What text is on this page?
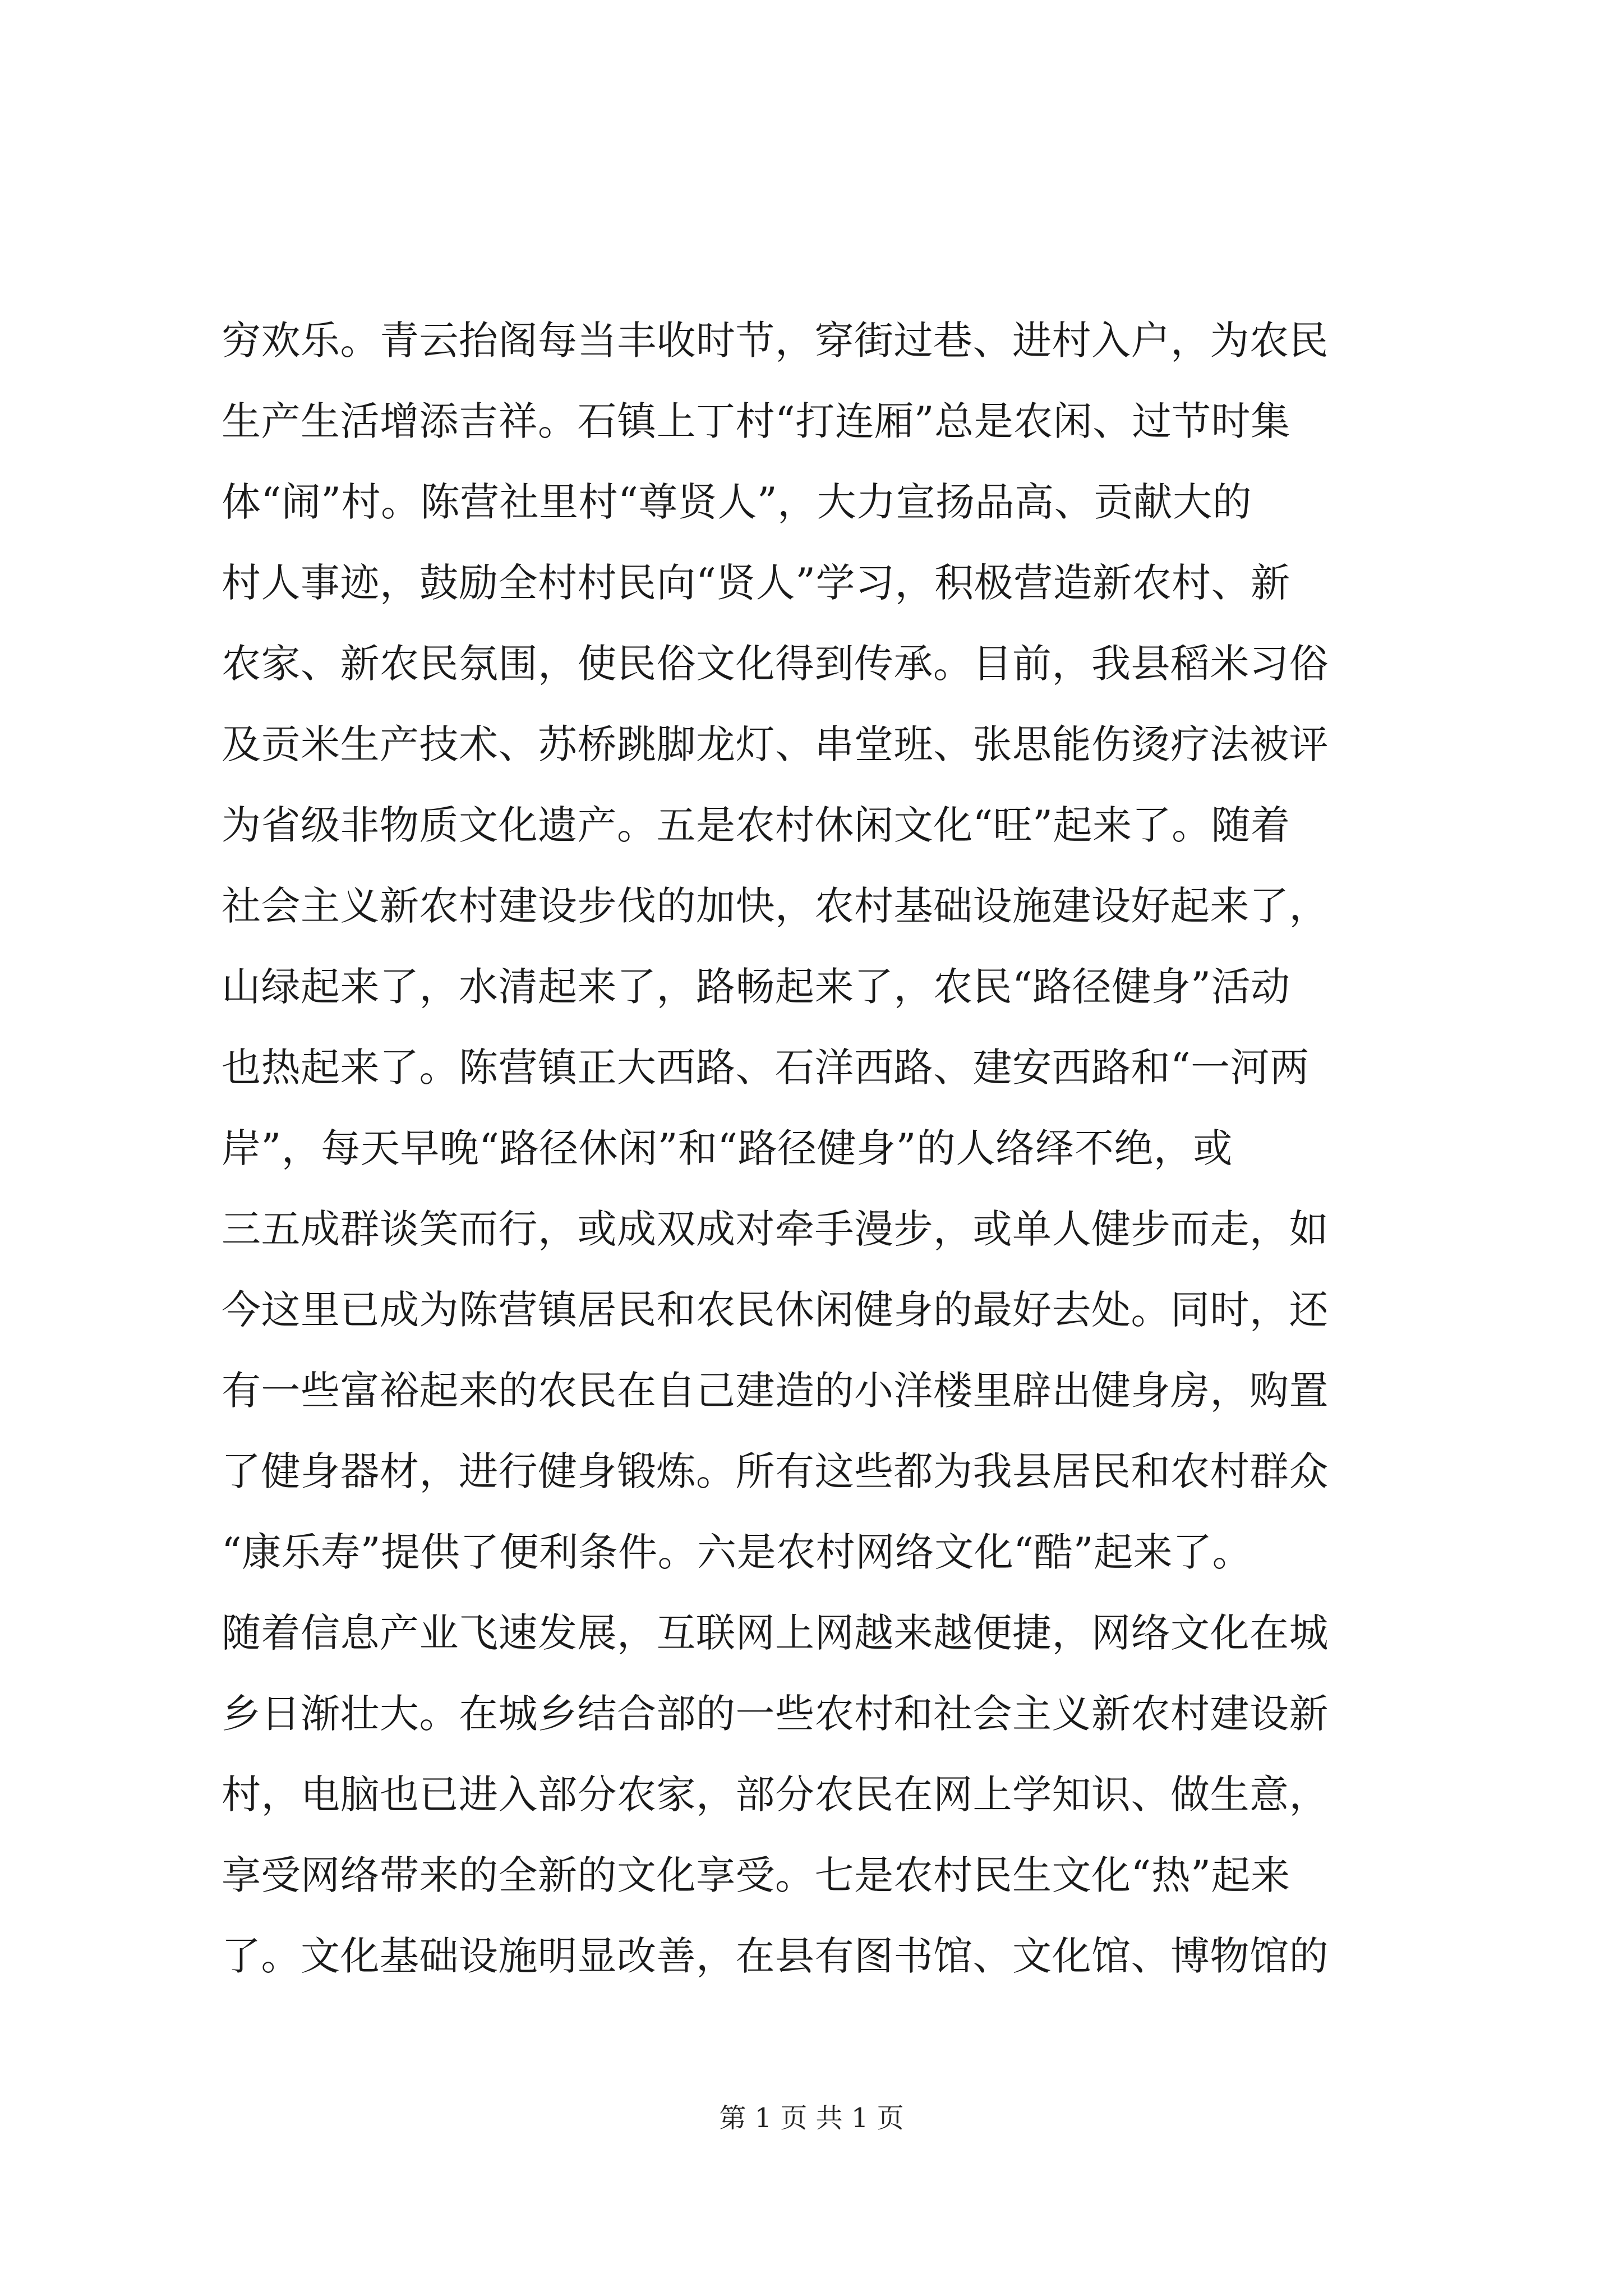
穷欢乐。青云抬阁每当丰收时节，穿街过巷、进村入户，为农民
生产生活增添吉祥。石镇上丁村“打连厢”总是农闲、过节时集
体“闹”村。陈营社里村“尊贤人”，大力宣扬品高、贡献大的
村人事迹，鼓励全村村民向“贤人”学习，积极营造新农村、新
农家、新农民氛围，使民俗文化得到传承。目前，我县稻米习俗
及贡米生产技术、苏桥跳脚龙灯、串堂班、张思能伤烫疗法被评
为省级非物质文化遗产。五是农村休闲文化“旺”起来了。随着
社会主义新农村建设步伐的加快，农村基础设施建设好起来了，
山绿起来了，水清起来了，路畅起来了，农民“路径健身”活动
也热起来了。陈营镇正大西路、石洋西路、建安西路和“一河两
岸”，每天早晚“路径休闲”和“路径健身”的人络绎不绝，或
三五成群谈笑而行，或成双成对牵手漫步，或单人健步而走，如
今这里已成为陈营镇居民和农民休闲健身的最好去处。同时，还
有一些富裕起来的农民在自己建造的小洋楼里辟出健身房，购置
了健身器材，进行健身锻炼。所有这些都为我县居民和农村群众
“康乐寿”提供了便利条件。六是农村网络文化“酷”起来了。
随着信息产业飞速发展，互联网上网越来越便捷，网络文化在城
乡日渐壮大。在城乡结合部的一些农村和社会主义新农村建设新
村，电脑也已进入部分农家，部分农民在网上学知识、做生意，
享受网络带来的全新的文化享受。七是农村民生文化“热”起来
了。文化基础设施明显改善，在县有图书馆、文化馆、博物馆的
第 1 页 共 1 页
